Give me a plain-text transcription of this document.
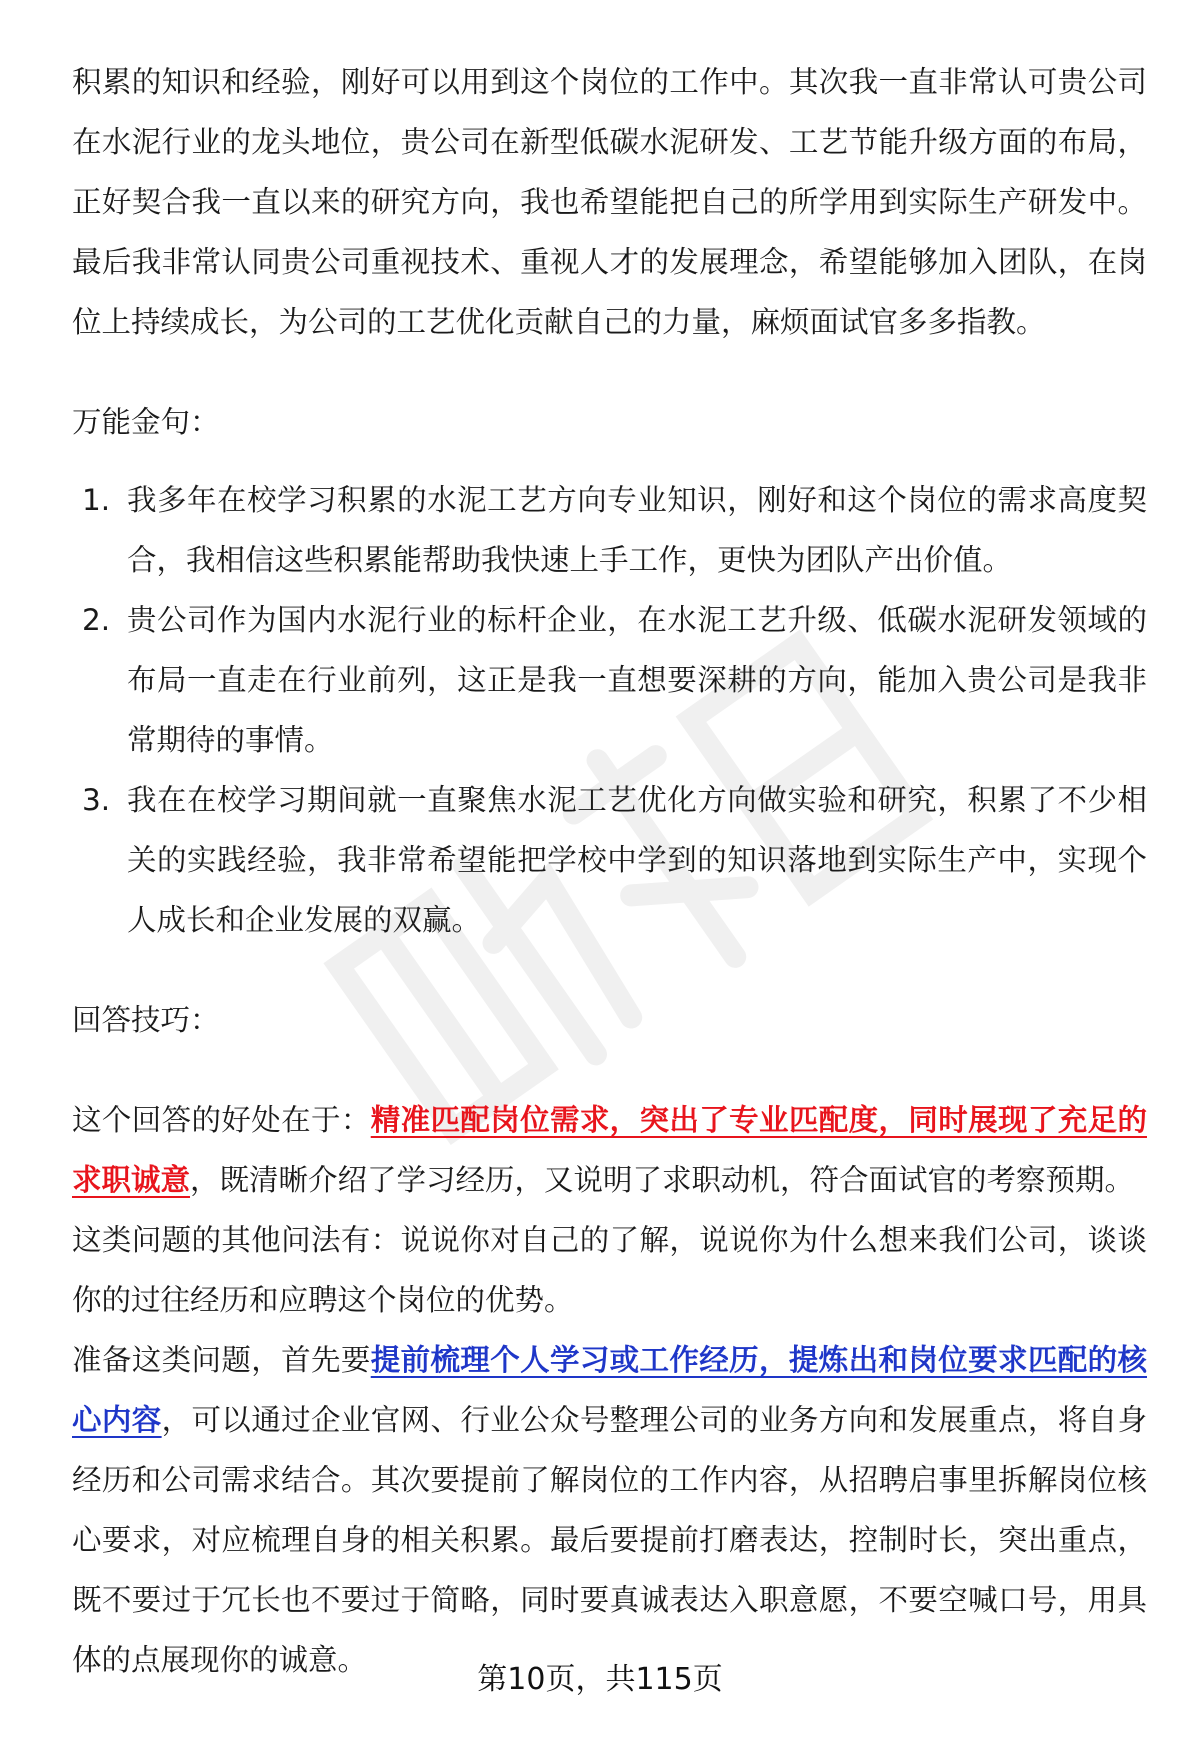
积累的知识和经验，刚好可以用到这个岗位的工作中。其次我一直非常认可贵公司在水泥行业的龙头地位，贵公司在新型低碳水泥研发、工艺节能升级方面的布局，正好契合我一直以来的研究方向，我也希望能把自己的所学用到实际生产研发中。最后我非常认同贵公司重视技术、重视人才的发展理念，希望能够加入团队，在岗位上持续成长，为公司的工艺优化贡献自己的力量，麻烦面试官多多指教。

万能金句：

1. 我多年在校学习积累的水泥工艺方向专业知识，刚好和这个岗位的需求高度契合，我相信这些积累能帮助我快速上手工作，更快为团队产出价值。
2. 贵公司作为国内水泥行业的标杆企业，在水泥工艺升级、低碳水泥研发领域的布局一直走在行业前列，这正是我一直想要深耕的方向，能加入贵公司是我非常期待的事情。
3. 我在在校学习期间就一直聚焦水泥工艺优化方向做实验和研究，积累了不少相关的实践经验，我非常希望能把学校中学到的知识落地到实际生产中，实现个人成长和企业发展的双赢。

回答技巧：

这个回答的好处在于：精准匹配岗位需求，突出了专业匹配度，同时展现了充足的求职诚意，既清晰介绍了学习经历，又说明了求职动机，符合面试官的考察预期。

这类问题的其他问法有：说说你对自己的了解，说说你为什么想来我们公司，谈谈你的过往经历和应聘这个岗位的优势。

准备这类问题，首先要提前梳理个人学习或工作经历，提炼出和岗位要求匹配的核心内容，可以通过企业官网、行业公众号整理公司的业务方向和发展重点，将自身经历和公司需求结合。其次要提前了解岗位的工作内容，从招聘启事里拆解岗位核心要求，对应梳理自身的相关积累。最后要提前打磨表达，控制时长，突出重点，既不要过于冗长也不要过于简略，同时要真诚表达入职意愿，不要空喊口号，用具体的点展现你的诚意。

第10页，共115页
